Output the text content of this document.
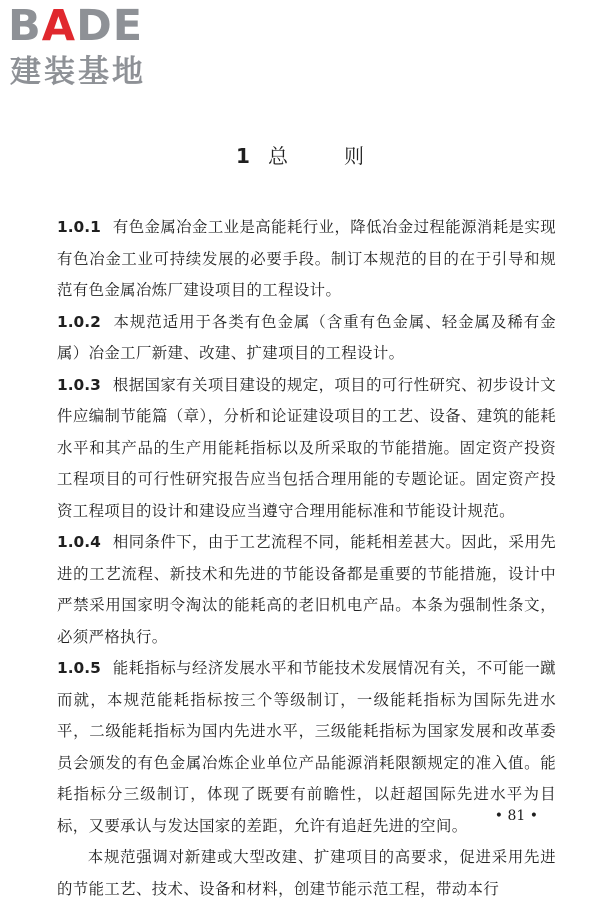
BADE
建装基地
1 总	则

1.0.1 有色金属冶金工业是高能耗行业，降低冶金过程能源消耗是实现有色冶金工业可持续发展的必要手段。制订本规范的目的在于引导和规范有色金属冶炼厂建设项目的工程设计。

1.0.2 本规范适用于各类有色金属（含重有色金属、轻金属及稀有金属）冶金工厂新建、改建、扩建项目的工程设计。

1.0.3 根据国家有关项目建设的规定，项目的可行性研究、初步设计文件应编制节能篇（章），分析和论证建设项目的工艺、设备、建筑的能耗水平和其产品的生产用能耗指标以及所采取的节能措施。固定资产投资工程项目的可行性研究报告应当包括合理用能的专题论证。固定资产投资工程项目的设计和建设应当遵守合理用能标准和节能设计规范。

1.0.4 相同条件下，由于工艺流程不同，能耗相差甚大。因此，采用先进的工艺流程、新技术和先进的节能设备都是重要的节能措施，设计中严禁采用国家明令淘汰的能耗高的老旧机电产品。本条为强制性条文，必须严格执行。

1.0.5 能耗指标与经济发展水平和节能技术发展情况有关，不可能一蹴而就，本规范能耗指标按三个等级制订，一级能耗指标为国际先进水平，二级能耗指标为国内先进水平，三级能耗指标为国家发展和改革委员会颁发的有色金属冶炼企业单位产品能源消耗限额规定的准入值。能耗指标分三级制订，体现了既要有前瞻性，以赶超国际先进水平为目标，又要承认与发达国家的差距，允许有追赶先进的空间。

本规范强调对新建或大型改建、扩建项目的高要求，促进采用先进的节能工艺、技术、设备和材料，创建节能示范工程，带动本行

• 81 •
